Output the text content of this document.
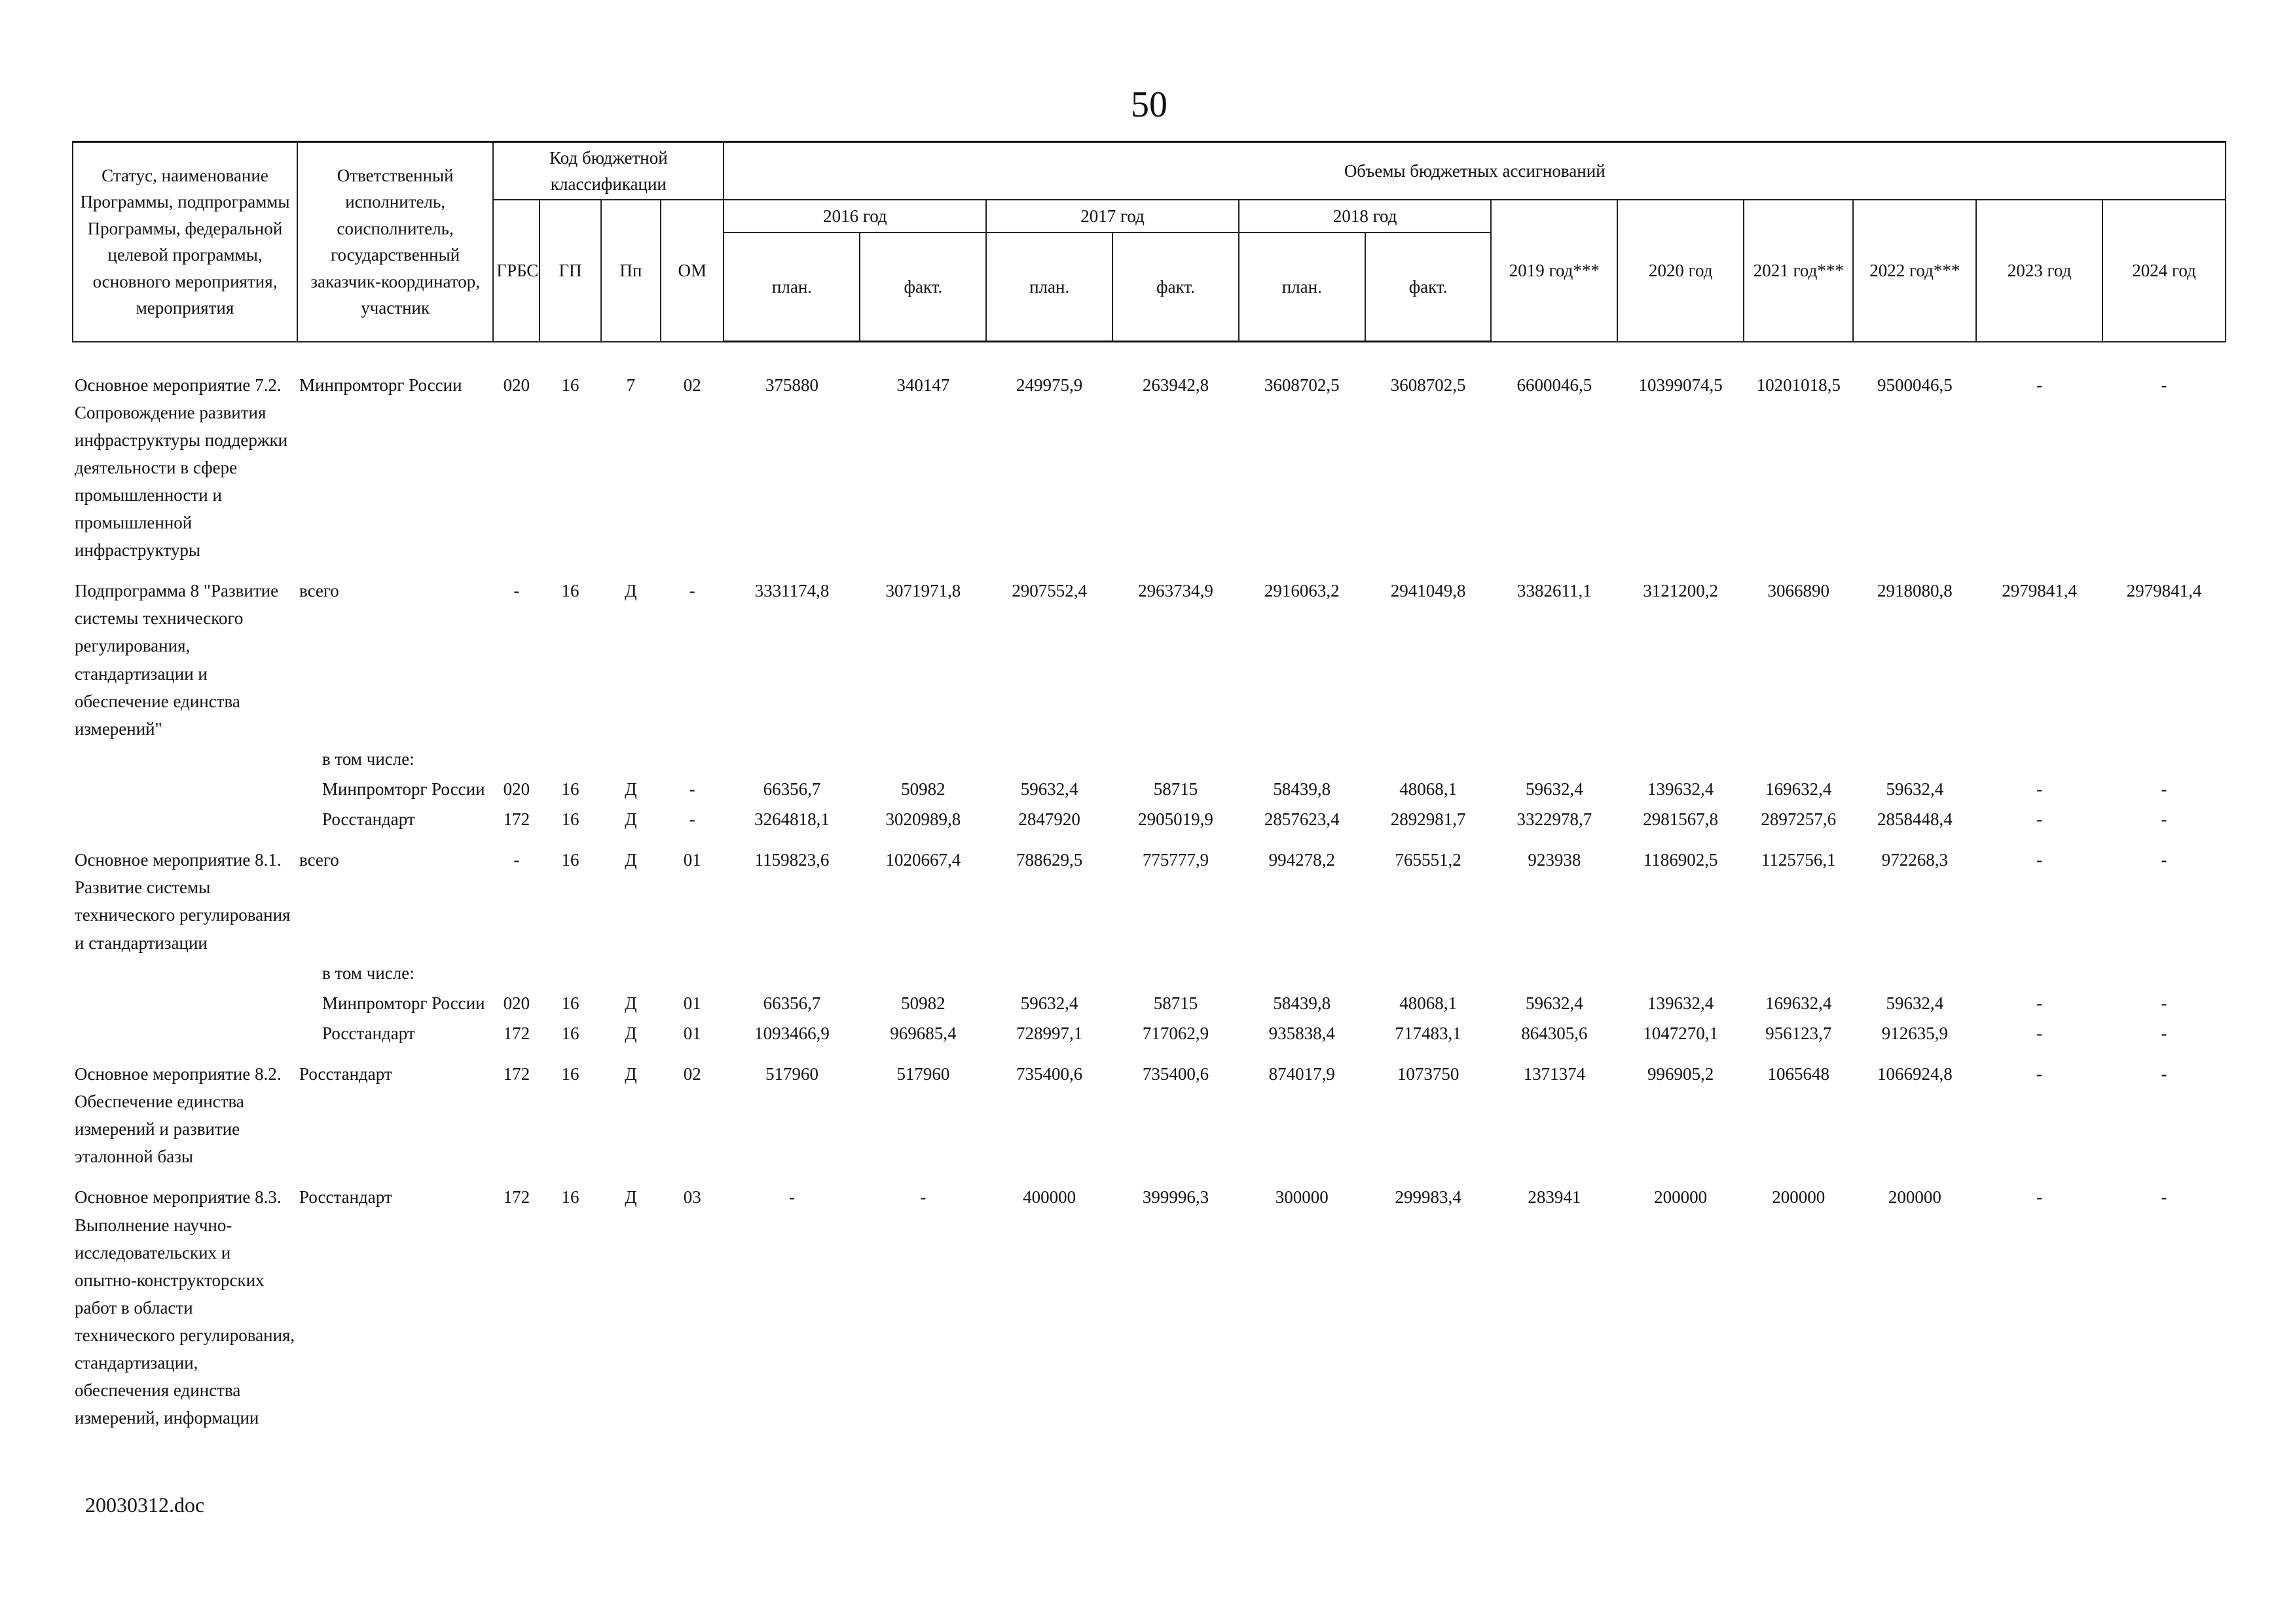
50
Статус, наименование Программы, подпрограммы Программы, федеральной целевой программы, основного мероприятия, мероприятия	Ответственный исполнитель, соисполнитель, государственный заказчик-координатор, участник	Код бюджетной классификации				Объемы бюджетных ассигнований											
		ГРБС	ГП	Пп	ОМ	2016 год		2017 год		2018 год		2019 год***	2020 год	2021 год***	2022 год***	2023 год	2024 год
						план.	факт.	план.	факт.	план.	факт.						
Основное мероприятие 7.2. Сопровождение развития инфраструктуры поддержки деятельности в сфере промышленности и промышленной инфраструктуры	Минпромторг России	020	16	7	02	375880	340147	249975,9	263942,8	3608702,5	3608702,5	6600046,5	10399074,5	10201018,5	9500046,5	-	-
Подпрограмма 8 "Развитие системы технического регулирования, стандартизации и обеспечение единства измерений"	всего	-	16	Д	-	3331174,8	3071971,8	2907552,4	2963734,9	2916063,2	2941049,8	3382611,1	3121200,2	3066890	2918080,8	2979841,4	2979841,4
	в том числе:																
	Минпромторг России	020	16	Д	-	66356,7	50982	59632,4	58715	58439,8	48068,1	59632,4	139632,4	169632,4	59632,4	-	-
	Росстандарт	172	16	Д	-	3264818,1	3020989,8	2847920	2905019,9	2857623,4	2892981,7	3322978,7	2981567,8	2897257,6	2858448,4	-	-
Основное мероприятие 8.1. Развитие системы технического регулирования и стандартизации	всего	-	16	Д	01	1159823,6	1020667,4	788629,5	775777,9	994278,2	765551,2	923938	1186902,5	1125756,1	972268,3	-	-
	в том числе:																
	Минпромторг России	020	16	Д	01	66356,7	50982	59632,4	58715	58439,8	48068,1	59632,4	139632,4	169632,4	59632,4	-	-
	Росстандарт	172	16	Д	01	1093466,9	969685,4	728997,1	717062,9	935838,4	717483,1	864305,6	1047270,1	956123,7	912635,9	-	-
Основное мероприятие 8.2. Обеспечение единства измерений и развитие эталонной базы	Росстандарт	172	16	Д	02	517960	517960	735400,6	735400,6	874017,9	1073750	1371374	996905,2	1065648	1066924,8	-	-
Основное мероприятие 8.3. Выполнение научно-исследовательских и опытно-конструкторских работ в области технического регулирования, стандартизации, обеспечения единства измерений, информации	Росстандарт	172	16	Д	03	-	-	400000	399996,3	300000	299983,4	283941	200000	200000	200000	-	-
20030312.doc
